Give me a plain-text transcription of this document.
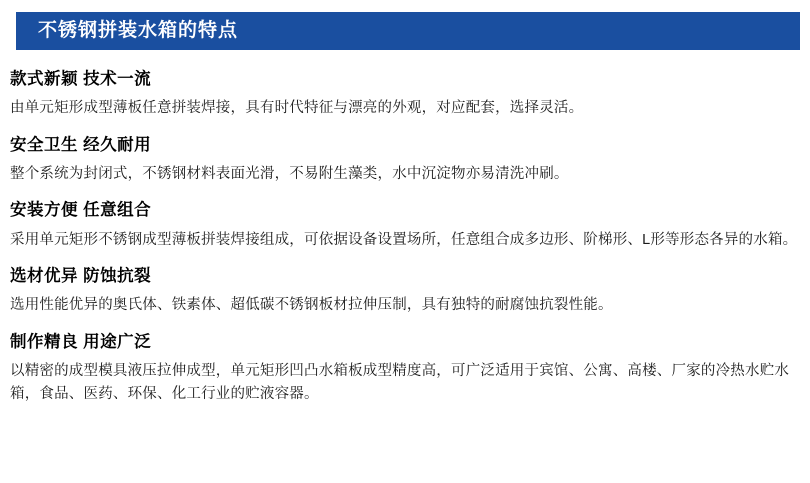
不锈钢拼装水箱的特点
款式新颖 技术一流

由单元矩形成型薄板任意拼装焊接，具有时代特征与漂亮的外观，对应配套，选择灵活。

安全卫生 经久耐用

整个系统为封闭式，不锈钢材料表面光滑，不易附生藻类，水中沉淀物亦易清洗冲刷。

安装方便 任意组合

采用单元矩形不锈钢成型薄板拼装焊接组成，可依据设备设置场所，任意组合成多边形、阶梯形、L形等形态各异的水箱。

选材优异 防蚀抗裂

选用性能优异的奥氏体、铁素体、超低碳不锈钢板材拉伸压制，具有独特的耐腐蚀抗裂性能。

制作精良 用途广泛

以精密的成型模具液压拉伸成型，单元矩形凹凸水箱板成型精度高，可广泛适用于宾馆、公寓、高楼、厂家的冷热水贮水箱，食品、医药、环保、化工行业的贮液容器。
